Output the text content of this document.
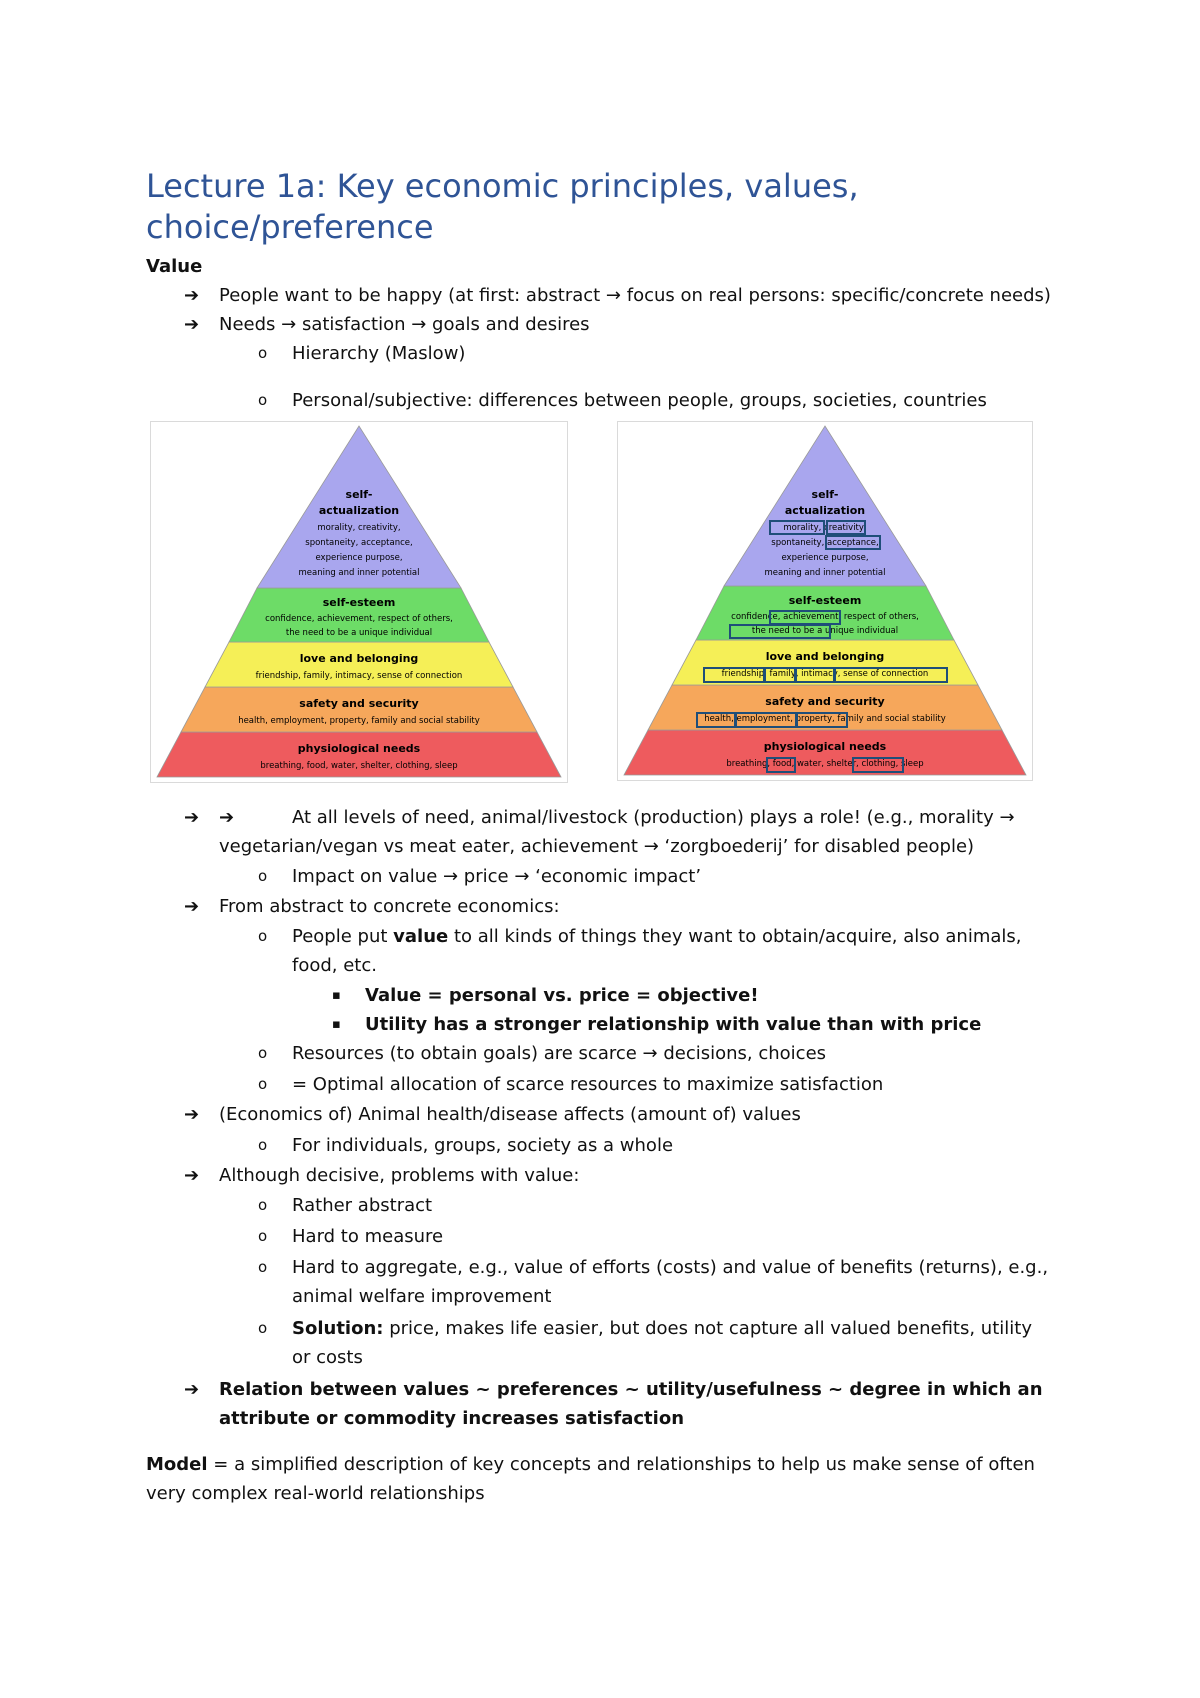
Lecture 1a: Key economic principles, values, choice/preference
Value
➔ People want to be happy (at first: abstract → focus on real persons: specific/concrete needs)
➔ Needs → satisfaction → goals and desires
o Hierarchy (Maslow)
o Personal/subjective: differences between people, groups, societies, countries
self-
actualization
morality, creativity,
spontaneity, acceptance,
experience purpose,
meaning and inner potential
self-esteem
confidence, achievement, respect of others,
the need to be a unique individual
love and belonging
friendship, family, intimacy, sense of connection
safety and security
health, employment, property, family and social stability
physiological needs
breathing, food, water, shelter, clothing, sleep
self-
actualization
morality, creativity,
spontaneity, acceptance,
experience purpose,
meaning and inner potential
self-esteem
confidence, achievement, respect of others,
the need to be a unique individual
love and belonging
friendship, family, intimacy, sense of connection
safety and security
health, employment, property, family and social stability
physiological needs
breathing, food, water, shelter, clothing, sleep
➔ ➔	At all levels of need, animal/livestock (production) plays a role! (e.g., morality → vegetarian/vegan vs meat eater, achievement → ‘zorgboederij’ for disabled people)
o Impact on value → price → ‘economic impact’
➔ From abstract to concrete economics:
o People put value to all kinds of things they want to obtain/acquire, also animals, food, etc.
▪ Value = personal vs. price = objective!
▪ Utility has a stronger relationship with value than with price
o Resources (to obtain goals) are scarce → decisions, choices
o = Optimal allocation of scarce resources to maximize satisfaction
➔ (Economics of) Animal health/disease affects (amount of) values
o For individuals, groups, society as a whole
➔ Although decisive, problems with value:
o Rather abstract
o Hard to measure
o Hard to aggregate, e.g., value of efforts (costs) and value of benefits (returns), e.g., animal welfare improvement
o Solution: price, makes life easier, but does not capture all valued benefits, utility or costs
➔ Relation between values ~ preferences ~ utility/usefulness ~ degree in which an attribute or commodity increases satisfaction
Model = a simplified description of key concepts and relationships to help us make sense of often very complex real-world relationships
